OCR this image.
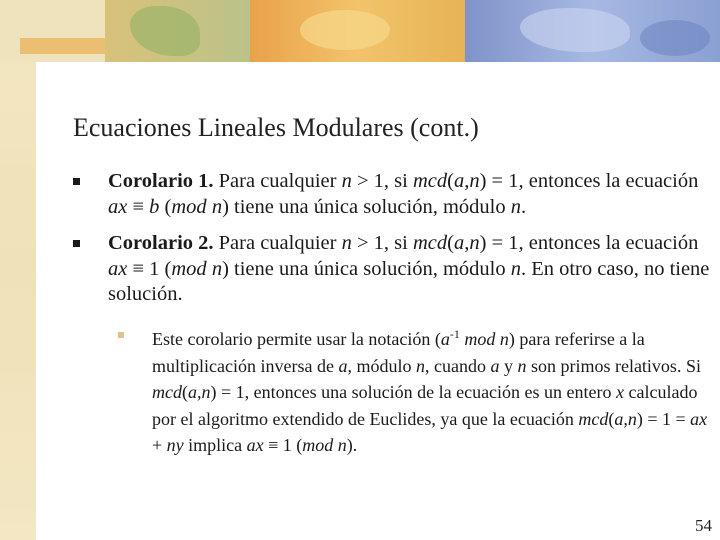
Ecuaciones Lineales Modulares (cont.)
Corolario 1. Para cualquier n > 1, si mcd(a,n) = 1, entonces la ecuación ax ≡ b (mod n) tiene una única solución, módulo n.
Corolario 2. Para cualquier n > 1, si mcd(a,n) = 1, entonces la ecuación ax ≡ 1 (mod n) tiene una única solución, módulo n. En otro caso, no tiene solución.
Este corolario permite usar la notación ($a^{-1}$ mod n) para referirse a la multiplicación inversa de a, módulo n, cuando a y n son primos relativos. Si mcd(a,n) = 1, entonces una solución de la ecuación es un entero x calculado por el algoritmo extendido de Euclides, ya que la ecuación mcd(a,n) = 1 = ax + ny implica ax ≡ 1 (mod n).
54
